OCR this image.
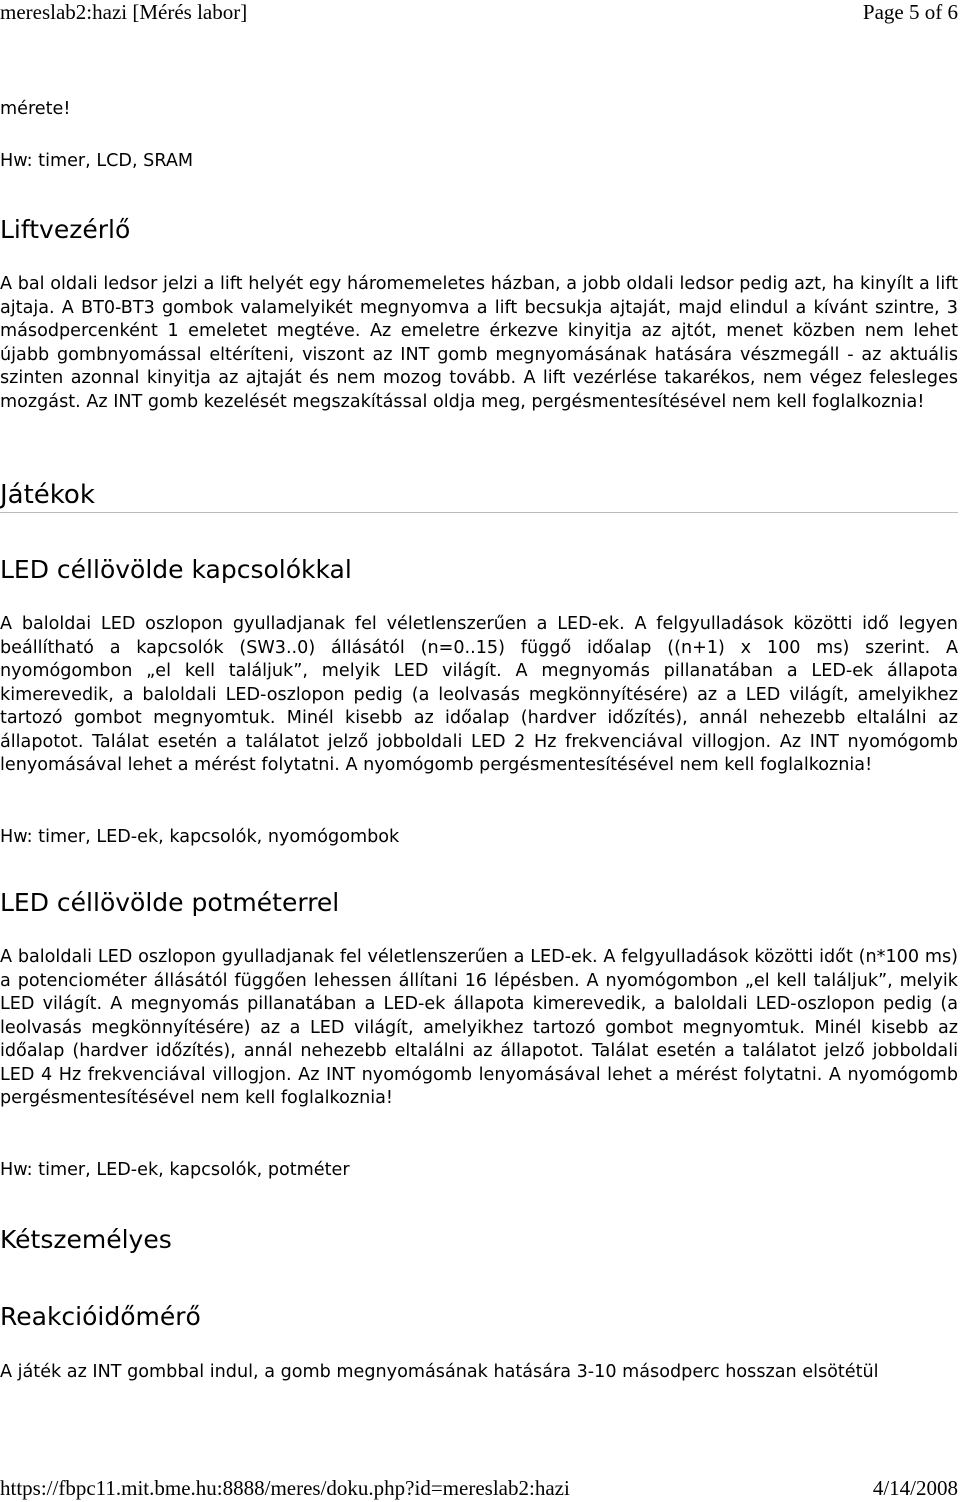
mereslab2:hazi [Mérés labor]	Page 5 of 6

mérete!

Hw: timer, LCD, SRAM

Liftvezérlő

A bal oldali ledsor jelzi a lift helyét egy háromemeletes házban, a jobb oldali ledsor pedig azt, ha kinyílt a lift ajtaja. A BT0-BT3 gombok valamelyikét megnyomva a lift becsukja ajtaját, majd elindul a kívánt szintre, 3 másodpercenként 1 emeletet megtéve. Az emeletre érkezve kinyitja az ajtót, menet közben nem lehet újabb gombnyomással eltéríteni, viszont az INT gomb megnyomásának hatására vészmegáll - az aktuális szinten azonnal kinyitja az ajtaját és nem mozog tovább. A lift vezérlése takarékos, nem végez felesleges mozgást. Az INT gomb kezelését megszakítással oldja meg, pergésmentesítésével nem kell foglalkoznia!

Játékok
LED céllövölde kapcsolókkal

A baloldai LED oszlopon gyulladjanak fel véletlenszerűen a LED-ek. A felgyulladások közötti idő legyen beállítható a kapcsolók (SW3..0) állásától (n=0..15) függő időalap ((n+1) x 100 ms) szerint. A nyomógombon „el kell találjuk”, melyik LED világít. A megnyomás pillanatában a LED-ek állapota kimerevedik, a baloldali LED-oszlopon pedig (a leolvasás megkönnyítésére) az a LED világít, amelyikhez tartozó gombot megnyomtuk. Minél kisebb az időalap (hardver időzítés), annál nehezebb eltalálni az állapotot. Találat esetén a találatot jelző jobboldali LED 2 Hz frekvenciával villogjon. Az INT nyomógomb lenyomásával lehet a mérést folytatni. A nyomógomb pergésmentesítésével nem kell foglalkoznia!

Hw: timer, LED-ek, kapcsolók, nyomógombok

LED céllövölde potméterrel

A baloldali LED oszlopon gyulladjanak fel véletlenszerűen a LED-ek. A felgyulladások közötti időt (n*100 ms) a potenciométer állásától függően lehessen állítani 16 lépésben. A nyomógombon „el kell találjuk”, melyik LED világít. A megnyomás pillanatában a LED-ek állapota kimerevedik, a baloldali LED-oszlopon pedig (a leolvasás megkönnyítésére) az a LED világít, amelyikhez tartozó gombot megnyomtuk. Minél kisebb az időalap (hardver időzítés), annál nehezebb eltalálni az állapotot. Találat esetén a találatot jelző jobboldali LED 4 Hz frekvenciával villogjon. Az INT nyomógomb lenyomásával lehet a mérést folytatni. A nyomógomb pergésmentesítésével nem kell foglalkoznia!

Hw: timer, LED-ek, kapcsolók, potméter

Kétszemélyes
Reakcióidőmérő

A játék az INT gombbal indul, a gomb megnyomásának hatására 3-10 másodperc hosszan elsötétül

https://fbpc11.mit.bme.hu:8888/meres/doku.php?id=mereslab2:hazi	4/14/2008
